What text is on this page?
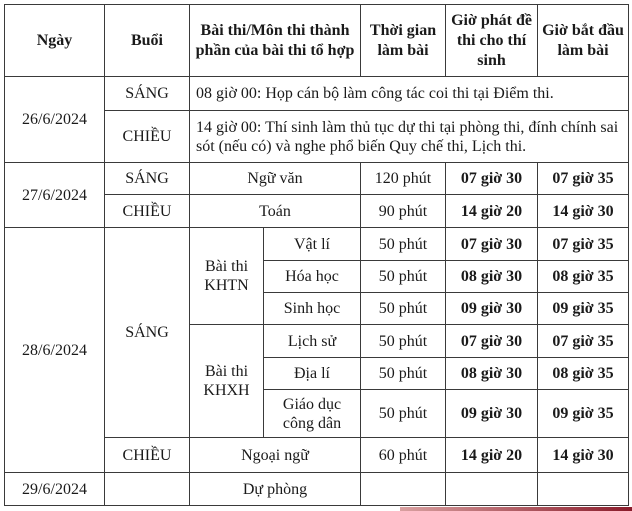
Ngày	Buổi	Bài thi/Môn thi thành phần của bài thi tổ hợp		Thời gian làm bài	Giờ phát đề thi cho thí sinh	Giờ bắt đầu làm bài
26/6/2024	SÁNG	08 giờ 00: Họp cán bộ làm công tác coi thi tại Điểm thi.				
	CHIỀU	14 giờ 00: Thí sinh làm thủ tục dự thi tại phòng thi, đính chính sai sót (nếu có) và nghe phổ biến Quy chế thi, Lịch thi.				
27/6/2024	SÁNG	Ngữ văn		120 phút	07 giờ 30	07 giờ 35
	CHIỀU	Toán		90 phút	14 giờ 20	14 giờ 30
28/6/2024	SÁNG	Bài thi KHTN	Vật lí	50 phút	07 giờ 30	07 giờ 35
			Hóa học	50 phút	08 giờ 30	08 giờ 35
			Sinh học	50 phút	09 giờ 30	09 giờ 35
		Bài thi KHXH	Lịch sử	50 phút	07 giờ 30	07 giờ 35
			Địa lí	50 phút	08 giờ 30	08 giờ 35
			Giáo dục công dân	50 phút	09 giờ 30	09 giờ 35
	CHIỀU	Ngoại ngữ		60 phút	14 giờ 20	14 giờ 30
29/6/2024		Dự phòng				
